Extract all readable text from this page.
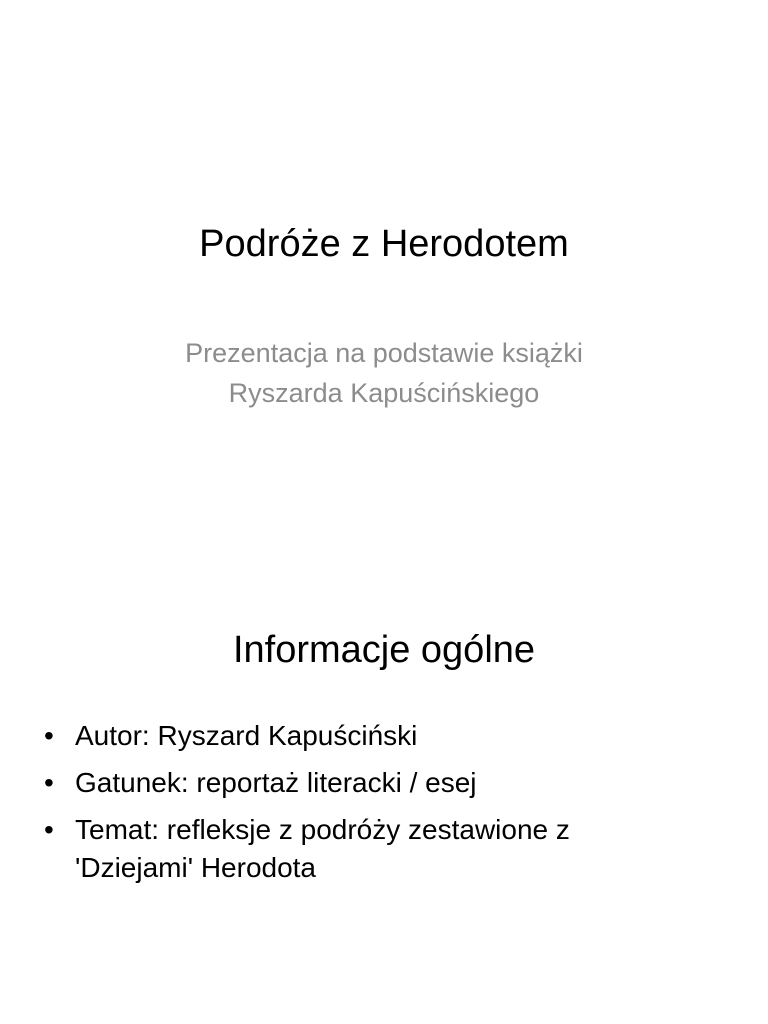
Podróże z Herodotem
Prezentacja na podstawie książki
Ryszarda Kapuścińskiego
Informacje ogólne
• Autor: Ryszard Kapuściński
• Gatunek: reportaż literacki / esej
• Temat: refleksje z podróży zestawione z 'Dziejami' Herodota
